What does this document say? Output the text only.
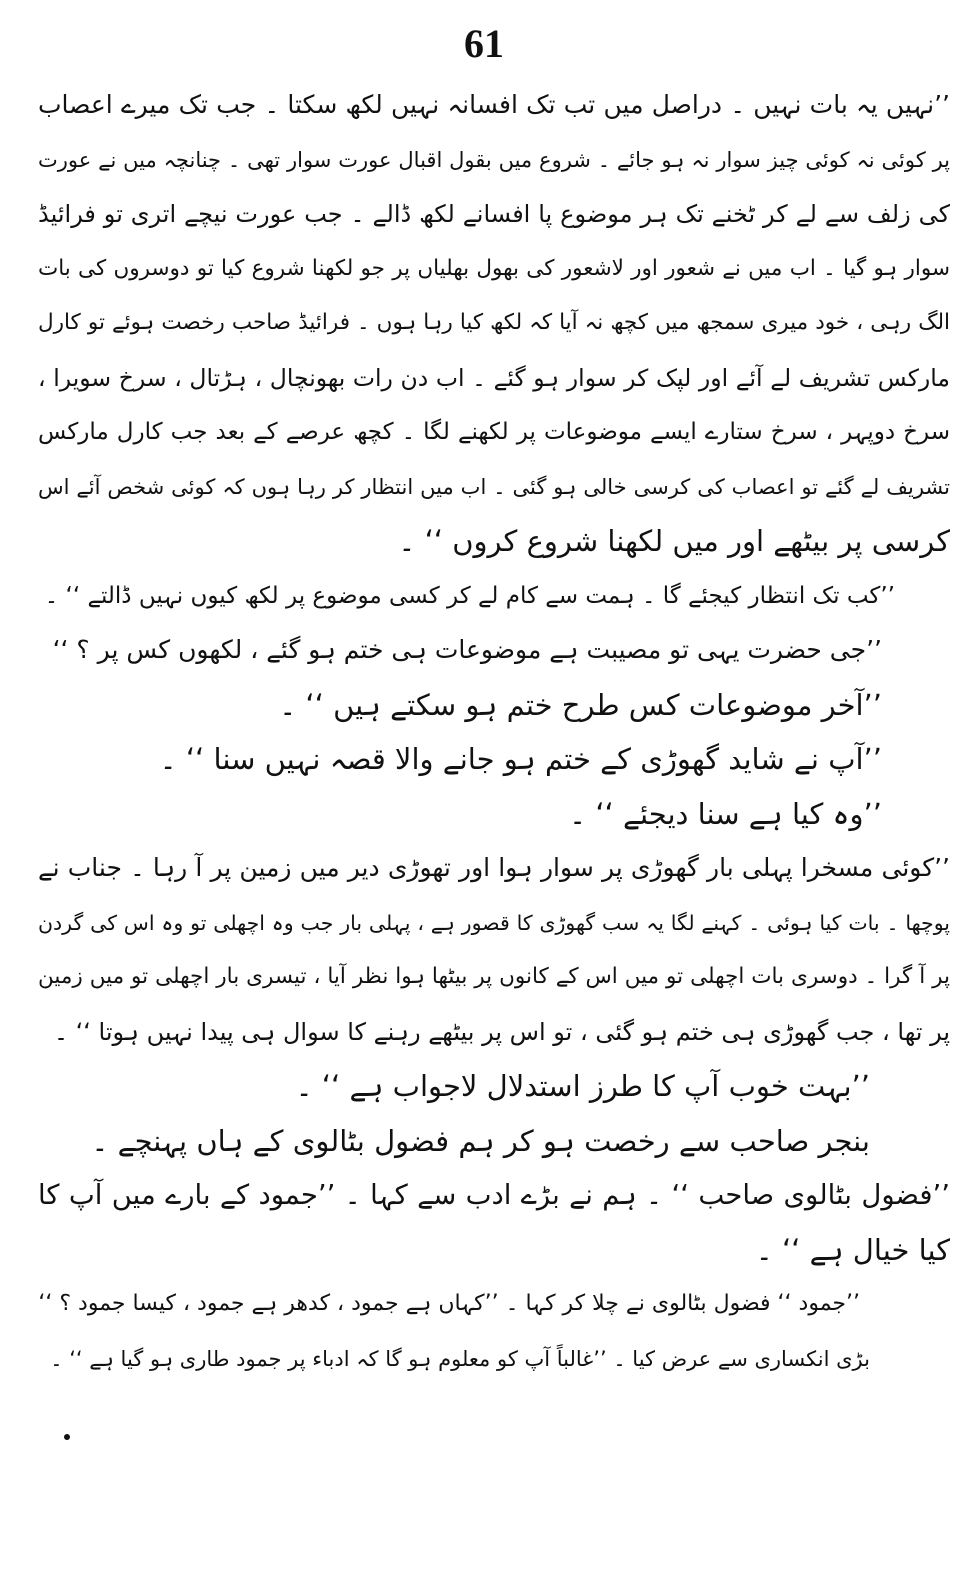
61
’’نہیں یہ بات نہیں ۔ دراصل میں تب تک افسانہ نہیں لکھ سکتا ۔ جب تک میرے اعصاب
پر کوئی نہ کوئی چیز سوار نہ ہو جائے ۔ شروع میں بقول اقبال عورت سوار تھی ۔ چنانچہ میں نے عورت
کی زلف سے لے کر ٹخنے تک ہر موضوع پا افسانے لکھ ڈالے ۔ جب عورت نیچے اتری تو فرائیڈ
سوار ہو گیا ۔ اب میں نے شعور اور لاشعور کی بھول بھلیاں پر جو لکھنا شروع کیا تو دوسروں کی بات
الگ رہی ، خود میری سمجھ میں کچھ نہ آیا کہ لکھ کیا رہا ہوں ۔ فرائیڈ صاحب رخصت ہوئے تو کارل
مارکس تشریف لے آئے اور لپک کر سوار ہو گئے ۔ اب دن رات بھونچال ، ہڑتال ، سرخ سویرا ،
سرخ دوپہر ، سرخ ستارے ایسے موضوعات پر لکھنے لگا ۔ کچھ عرصے کے بعد جب کارل مارکس
تشریف لے گئے تو اعصاب کی کرسی خالی ہو گئی ۔ اب میں انتظار کر رہا ہوں کہ کوئی شخص آئے اس
کرسی پر بیٹھے اور میں لکھنا شروع کروں ‘‘ ۔
’’کب تک انتظار کیجئے گا ۔ ہمت سے کام لے کر کسی موضوع پر لکھ کیوں نہیں ڈالتے ‘‘ ۔
’’جی حضرت یہی تو مصیبت ہے موضوعات ہی ختم ہو گئے ، لکھوں کس پر ؟ ‘‘
’’آخر موضوعات کس طرح ختم ہو سکتے ہیں ‘‘ ۔
’’آپ نے شاید گھوڑی کے ختم ہو جانے والا قصہ نہیں سنا ‘‘ ۔
’’وہ کیا ہے سنا دیجئے ‘‘ ۔
’’کوئی مسخرا پہلی بار گھوڑی پر سوار ہوا اور تھوڑی دیر میں زمین پر آ رہا ۔ جناب نے
پوچھا ۔ بات کیا ہوئی ۔ کہنے لگا یہ سب گھوڑی کا قصور ہے ، پہلی بار جب وہ اچھلی تو وہ اس کی گردن
پر آ گرا ۔ دوسری بات اچھلی تو میں اس کے کانوں پر بیٹھا ہوا نظر آیا ، تیسری بار اچھلی تو میں زمین
پر تھا ، جب گھوڑی ہی ختم ہو گئی ، تو اس پر بیٹھے رہنے کا سوال ہی پیدا نہیں ہوتا ‘‘ ۔
’’بہت خوب آپ کا طرز استدلال لاجواب ہے ‘‘ ۔
بنجر صاحب سے رخصت ہو کر ہم فضول بٹالوی کے ہاں پہنچے ۔
’’فضول بٹالوی صاحب ‘‘ ۔ ہم نے بڑے ادب سے کہا ۔ ’’جمود کے بارے میں آپ کا
کیا خیال ہے ‘‘ ۔
’’جمود ‘‘ فضول بٹالوی نے چلا کر کہا ۔ ’’کہاں ہے جمود ، کدھر ہے جمود ، کیسا جمود ؟ ‘‘
بڑی انکساری سے عرض کیا ۔ ’’غالباً آپ کو معلوم ہو گا کہ ادباء پر جمود طاری ہو گیا ہے ‘‘ ۔
